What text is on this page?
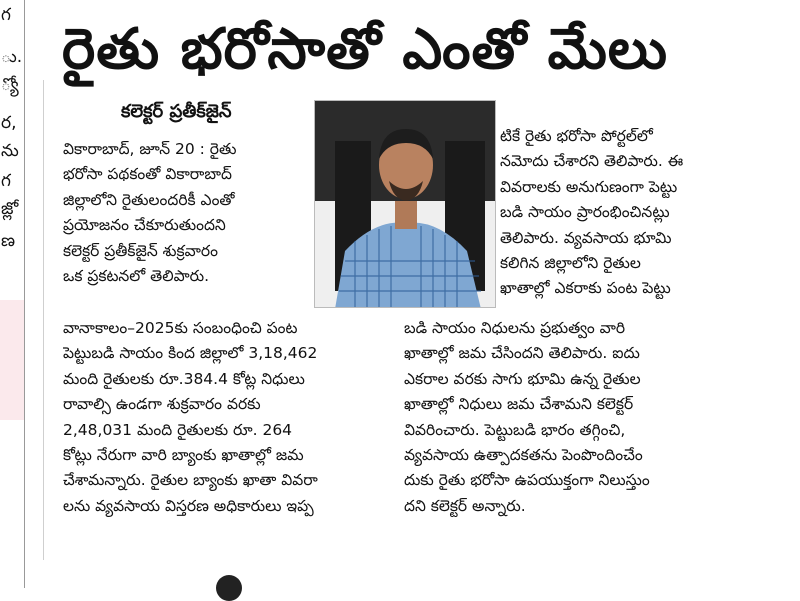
గ
ు.
్యో
ర,
ను
గ
జ్లో
ణ
రైతు భరోసాతో ఎంతో మేలు
కలెక్టర్ ప్రతీక్‌జైన్
వికారాబాద్, జూన్ 20 : రైతు
భరోసా పథకంతో వికారాబాద్
జిల్లాలోని రైతులందరికీ ఎంతో
ప్రయోజనం చేకూరుతుందని
కలెక్టర్ ప్రతీక్‌జైన్ శుక్రవారం
ఒక ప్రకటనలో తెలిపారు.
వానాకాలం–2025కు సంబంధించి పంట
పెట్టుబడి సాయం కింద జిల్లాలో 3,18,462
మంది రైతులకు రూ.384.4 కోట్ల నిధులు
రావాల్సి ఉండగా శుక్రవారం వరకు
2,48,031 మంది రైతులకు రూ. 264
కోట్లు నేరుగా వారి బ్యాంకు ఖాతాల్లో జమ
చేశామన్నారు. రైతుల బ్యాంకు ఖాతా వివరా
లను వ్యవసాయ విస్తరణ అధికారులు ఇప్ప
టికే రైతు భరోసా పోర్టల్‌లో
నమోదు చేశారని తెలిపారు. ఈ
వివరాలకు అనుగుణంగా పెట్టు
బడి సాయం ప్రారంభించినట్లు
తెలిపారు. వ్యవసాయ భూమి
కలిగిన జిల్లాలోని రైతుల
ఖాతాల్లో ఎకరాకు పంట పెట్టు
బడి సాయం నిధులను ప్రభుత్వం వారి
ఖాతాల్లో జమ చేసిందని తెలిపారు. ఐదు
ఎకరాల వరకు సాగు భూమి ఉన్న రైతుల
ఖాతాల్లో నిధులు జమ చేశామని కలెక్టర్
వివరించారు. పెట్టుబడి భారం తగ్గించి,
వ్యవసాయ ఉత్పాదకతను పెంపొందించేం
దుకు రైతు భరోసా ఉపయుక్తంగా నిలుస్తుం
దని కలెక్టర్ అన్నారు.
